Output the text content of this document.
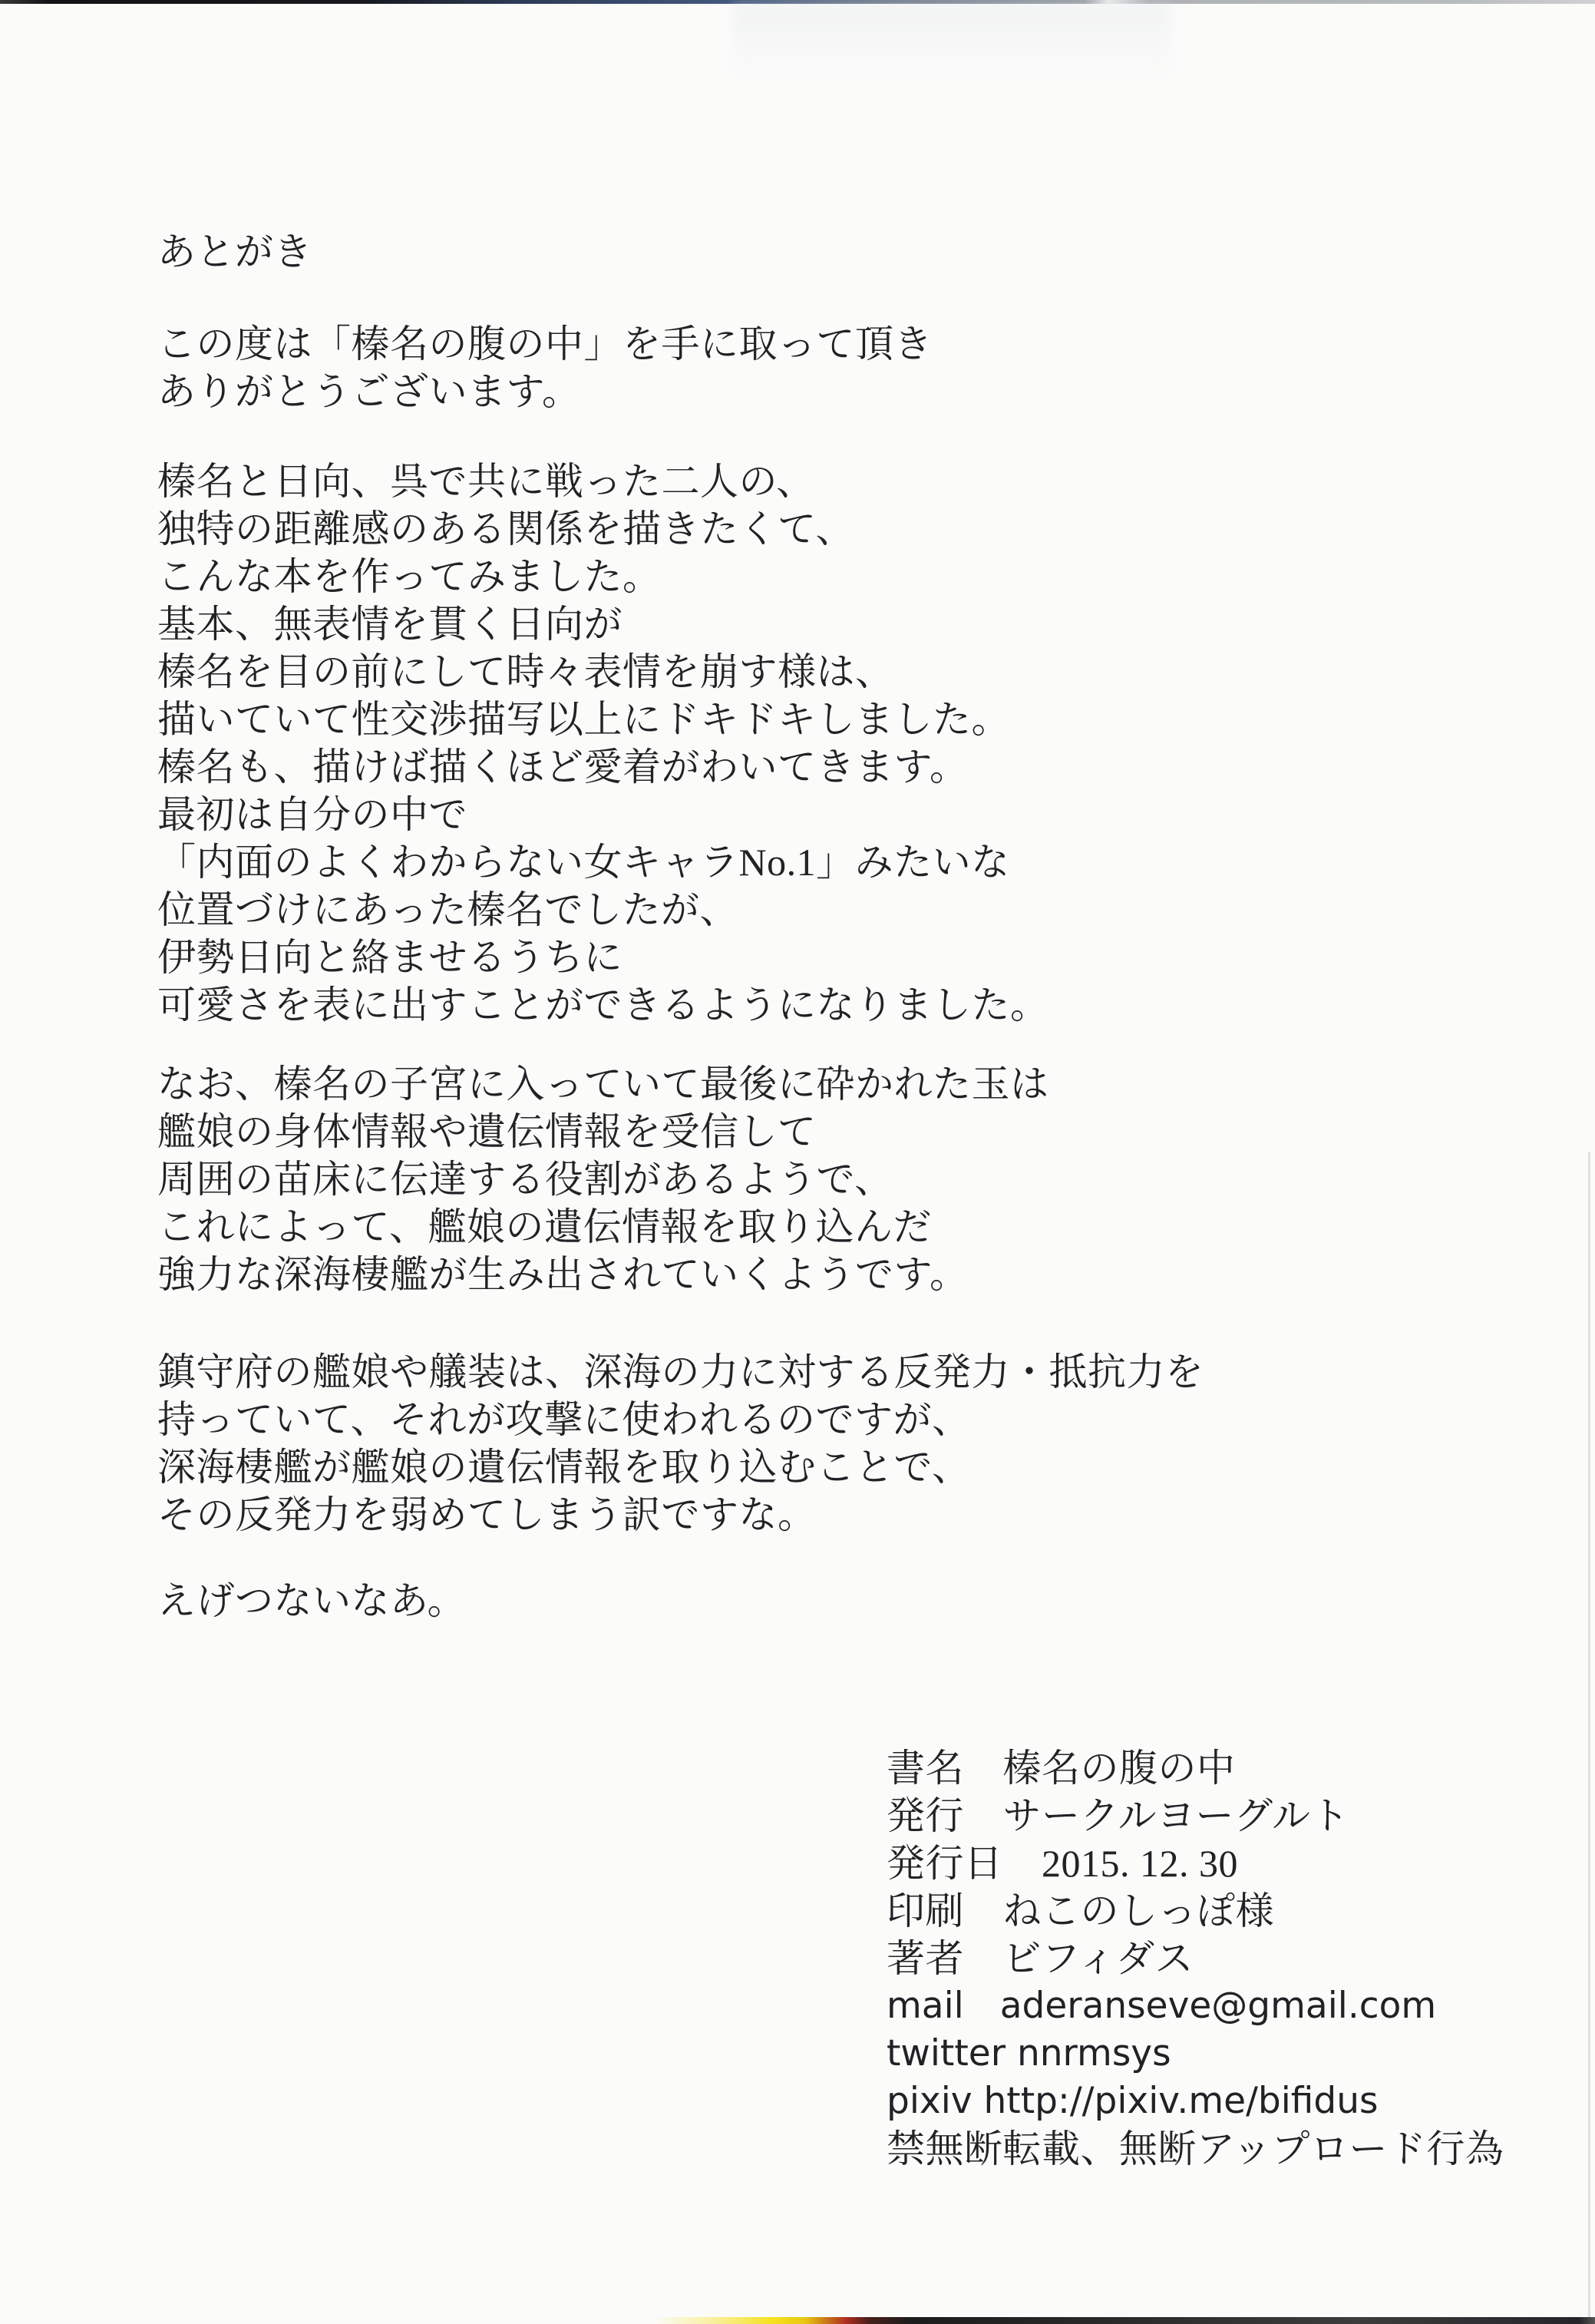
あとがき
この度は「榛名の腹の中」を手に取って頂き
ありがとうございます。
榛名と日向、呉で共に戦った二人の、
独特の距離感のある関係を描きたくて、
こんな本を作ってみました。
基本、無表情を貫く日向が
榛名を目の前にして時々表情を崩す様は、
描いていて性交渉描写以上にドキドキしました。
榛名も、描けば描くほど愛着がわいてきます。
最初は自分の中で
「内面のよくわからない女キャラNo.1」みたいな
位置づけにあった榛名でしたが、
伊勢日向と絡ませるうちに
可愛さを表に出すことができるようになりました。
なお、榛名の子宮に入っていて最後に砕かれた玉は
艦娘の身体情報や遺伝情報を受信して
周囲の苗床に伝達する役割があるようで、
これによって、艦娘の遺伝情報を取り込んだ
強力な深海棲艦が生み出されていくようです。
鎮守府の艦娘や艤装は、深海の力に対する反発力・抵抗力を
持っていて、それが攻撃に使われるのですが、
深海棲艦が艦娘の遺伝情報を取り込むことで、
その反発力を弱めてしまう訳ですな。
えげつないなあ。
書名　榛名の腹の中
発行　サークルヨーグルト
発行日　2015. 12. 30
印刷　ねこのしっぽ様
著者　ビフィダス
mail　aderanseve@gmail.com
twitter nnrmsys
pixiv http://pixiv.me/bifidus
禁無断転載、無断アップロード行為
